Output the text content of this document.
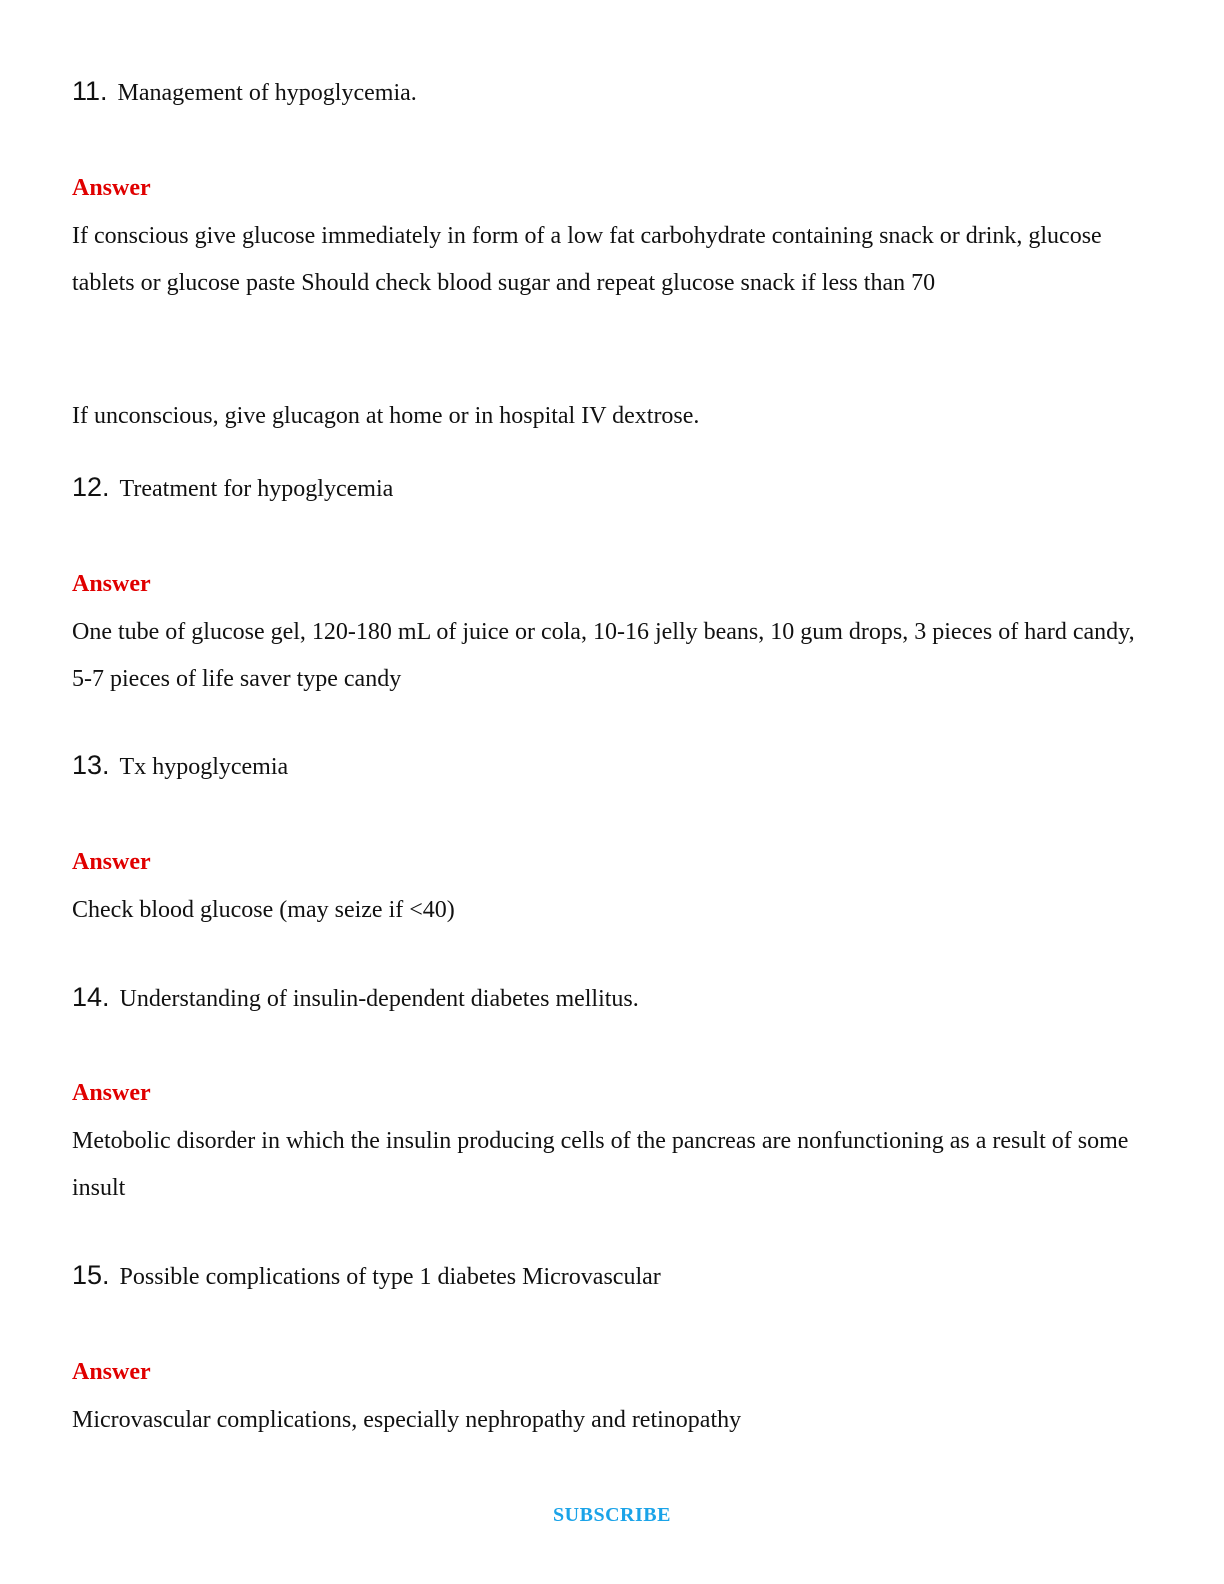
11. Management of hypoglycemia.
Answer
If conscious give glucose immediately in form of a low fat carbohydrate containing snack or drink, glucose tablets or glucose paste Should check blood sugar and repeat glucose snack if less than 70
If unconscious, give glucagon at home or in hospital IV dextrose.
12. Treatment for hypoglycemia
Answer
One tube of glucose gel, 120-180 mL of juice or cola, 10-16 jelly beans, 10 gum drops, 3 pieces of hard candy, 5-7 pieces of life saver type candy
13. Tx hypoglycemia
Answer
Check blood glucose (may seize if <40)
14. Understanding of insulin-dependent diabetes mellitus.
Answer
Metobolic disorder in which the insulin producing cells of the pancreas are nonfunctioning as a result of some insult
15. Possible complications of type 1 diabetes Microvascular
Answer
Microvascular complications, especially nephropathy and retinopathy
SUBSCRIBE
